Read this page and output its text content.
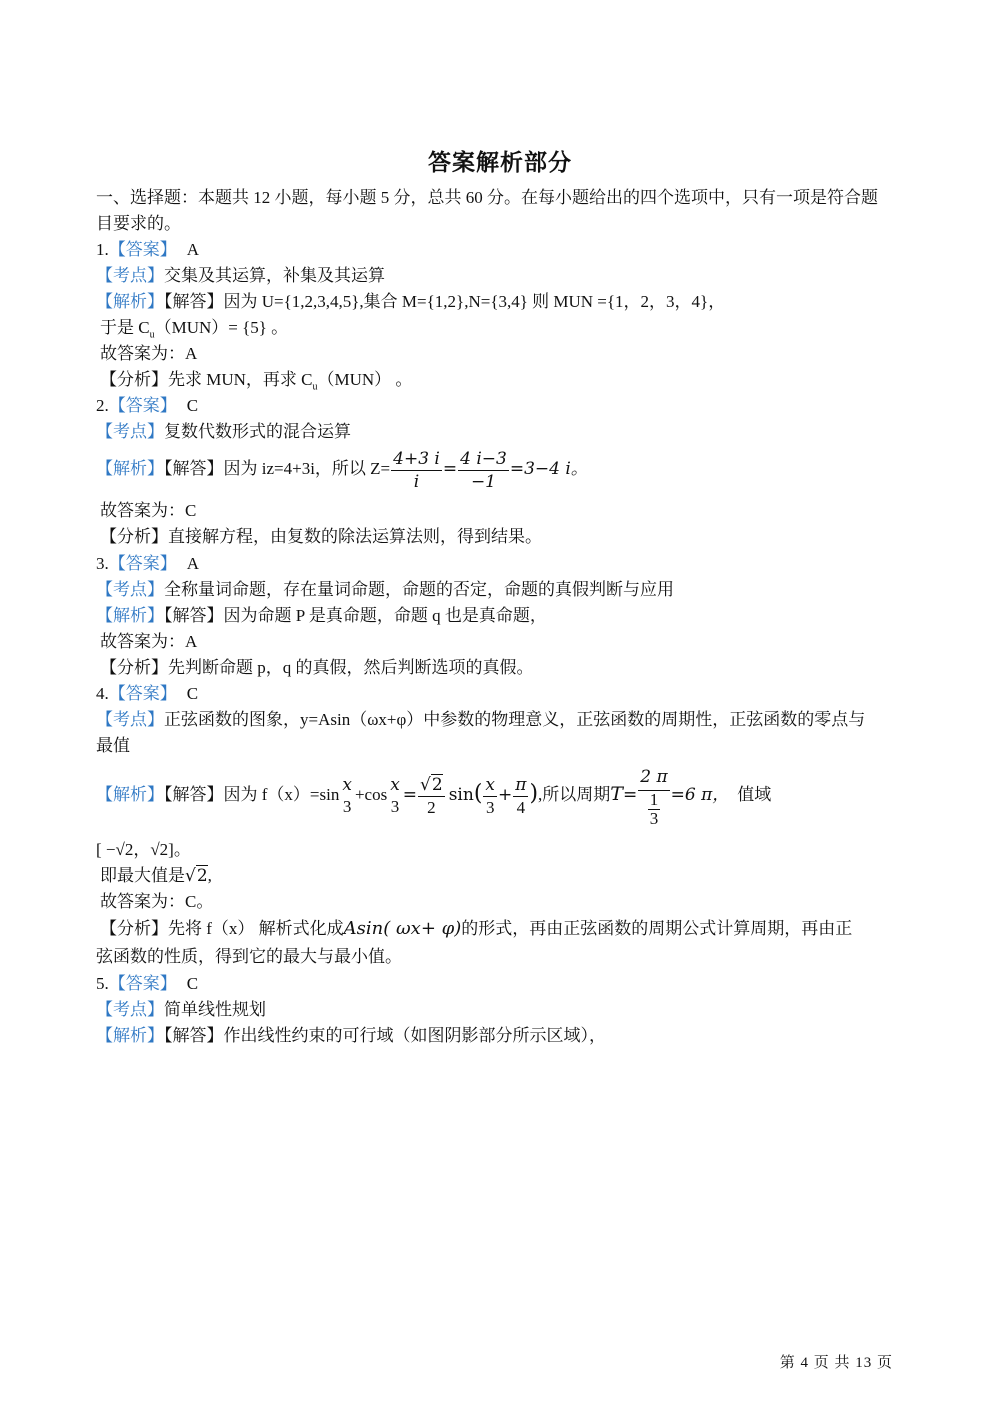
答案解析部分
一、选择题：本题共 12 小题，每小题 5 分，总共 60 分。在每小题给出的四个选项中，只有一项是符合题
目要求的。
1.【答案】 A
【考点】交集及其运算，补集及其运算
【解析】【解答】因为 U={1,2,3,4,5},集合 M={1,2},N={3,4} 则 MUN ={1，2，3，4}，
于是 $C_u(MUN)= \{5\}$ 。
故答案为：A
【分析】先求 MUN，再求 $C_u(MUN)$ 。
2.【答案】 C
【考点】复数代数形式的混合运算
【解析】【解答】因为 iz=4+3i，所以 $Z= \frac{4+3 i}{i} = \frac{4 i-3}{-1} =3-4$ i。
故答案为：C
【分析】直接解方程，由复数的除法运算法则，得到结果。
3.【答案】 A
【考点】全称量词命题，存在量词命题，命题的否定，命题的真假判断与应用
【解析】【解答】因为命题 P 是真命题，命题 q 也是真命题，
故答案为：A
【分析】先判断命题 p，q 的真假，然后判断选项的真假。
4.【答案】 C
【考点】正弦函数的图象，y=Asin（ωx+φ）中参数的物理意义，正弦函数的周期性，正弦函数的零点与
最值
【解析】【解答】因为 f（x）=sin x
3
+cos x
3
= $\frac{√2}{2} \sin( \frac{x}{3} + \frac{\pi}{4}$ ),所以周期$T= \frac{2 \pi}{\frac{1}{3}} =6$ π， 值域
[ −√2，√2]。
即最大值是√2,
故答案为：C。
【分析】先将 f（x） 解析式化成Asin( ωx+ φ)的形式，再由正弦函数的周期公式计算周期，再由正
弦函数的性质，得到它的最大与最小值。
5.【答案】 C
【考点】简单线性规划
【解析】【解答】作出线性约束的可行域（如图阴影部分所示区域），
第 4 页 共 13 页
